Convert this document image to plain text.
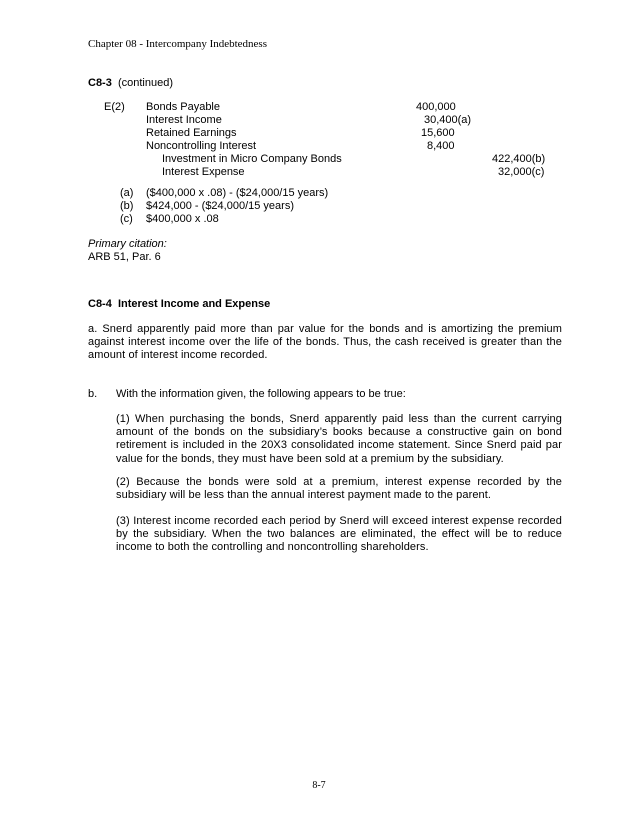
Chapter 08 - Intercompany Indebtedness
C8-3 (continued)
E(2) Bonds Payable
Interest Income
Retained Earnings
Noncontrolling Interest
Investment in Micro Company Bonds
Interest Expense
400,000
30,400(a)
15,600
8,400
422,400(b)
32,000(c)
(a) ($400,000 x .08) - ($24,000/15 years)
(b) $424,000 - ($24,000/15 years)
(c) $400,000 x .08
Primary citation:
ARB 51, Par. 6
C8-4 Interest Income and Expense
a. Snerd apparently paid more than par value for the bonds and is amortizing the premium against interest income over the life of the bonds. Thus, the cash received is greater than the amount of interest income recorded.
b. With the information given, the following appears to be true:
(1) When purchasing the bonds, Snerd apparently paid less than the current carrying amount of the bonds on the subsidiary’s books because a constructive gain on bond retirement is included in the 20X3 consolidated income statement. Since Snerd paid par value for the bonds, they must have been sold at a premium by the subsidiary.
(2) Because the bonds were sold at a premium, interest expense recorded by the subsidiary will be less than the annual interest payment made to the parent.
(3) Interest income recorded each period by Snerd will exceed interest expense recorded by the subsidiary. When the two balances are eliminated, the effect will be to reduce income to both the controlling and noncontrolling shareholders.
8-7
